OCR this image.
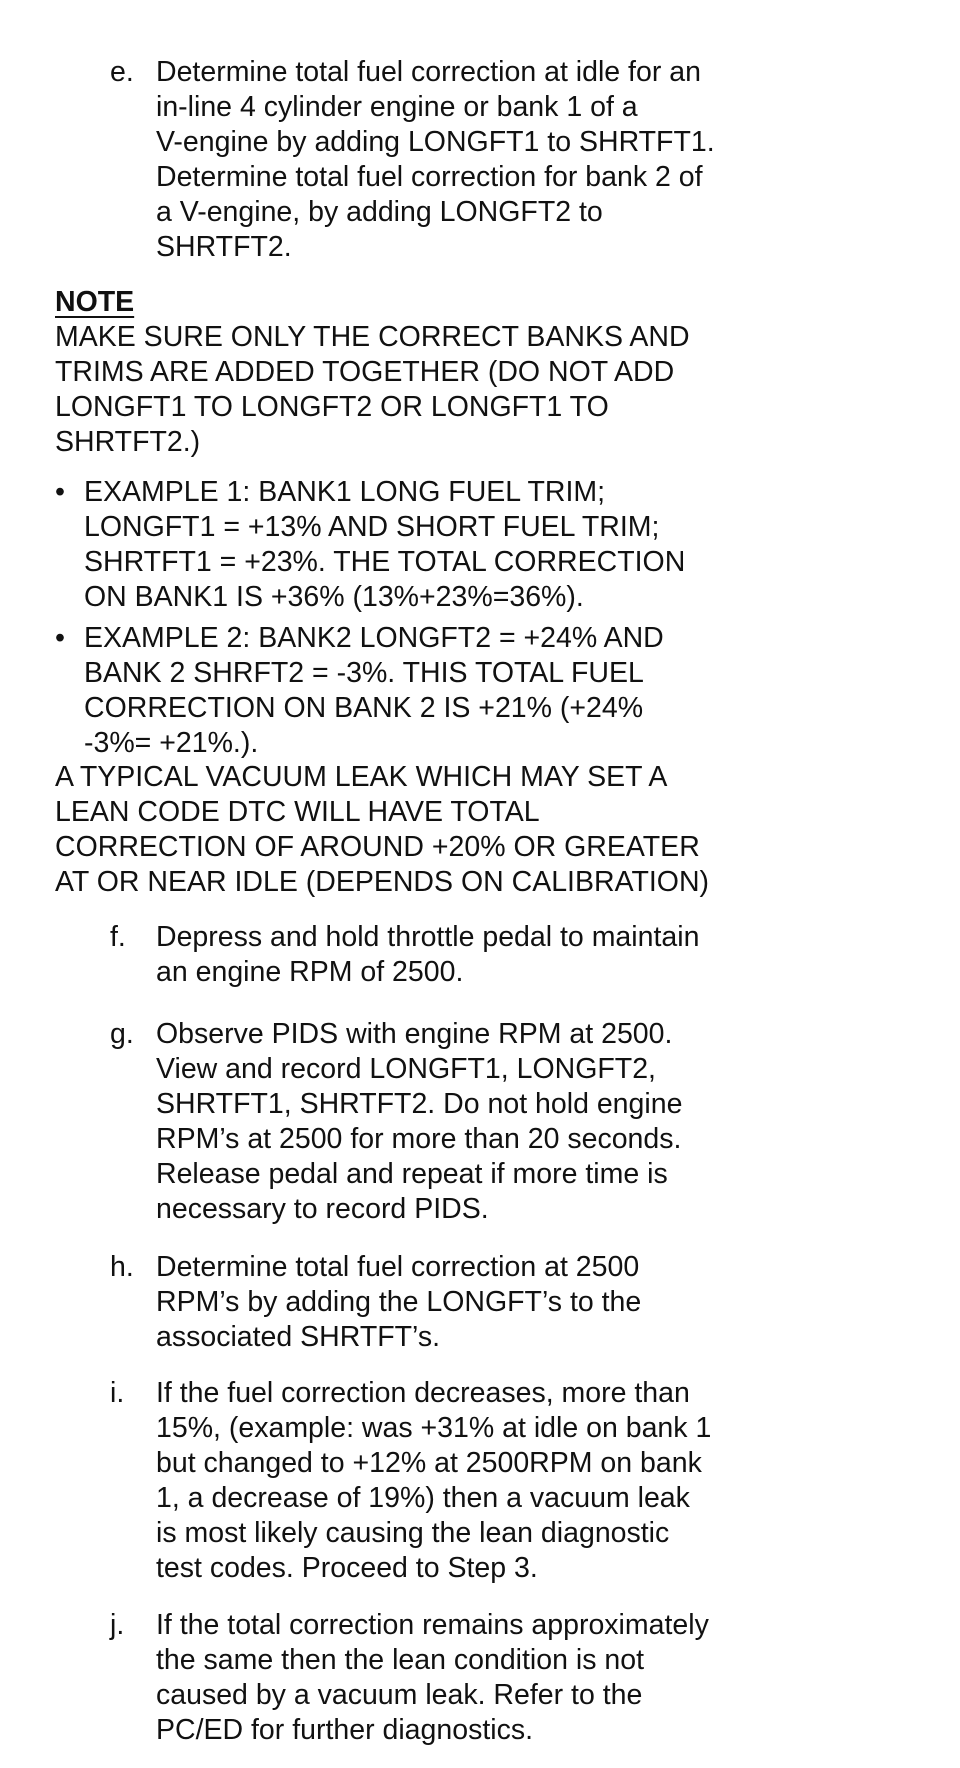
e. Determine total fuel correction at idle for an
in-line 4 cylinder engine or bank 1 of a
V-engine by adding LONGFT1 to SHRTFT1.
Determine total fuel correction for bank 2 of
a V-engine, by adding LONGFT2 to
SHRTFT2.
NOTE
MAKE SURE ONLY THE CORRECT BANKS AND
TRIMS ARE ADDED TOGETHER (DO NOT ADD
LONGFT1 TO LONGFT2 OR LONGFT1 TO
SHRTFT2.)
• EXAMPLE 1: BANK1 LONG FUEL TRIM;
LONGFT1 = +13% AND SHORT FUEL TRIM;
SHRTFT1 = +23%. THE TOTAL CORRECTION
ON BANK1 IS +36% (13%+23%=36%).
• EXAMPLE 2: BANK2 LONGFT2 = +24% AND
BANK 2 SHRFT2 = -3%. THIS TOTAL FUEL
CORRECTION ON BANK 2 IS +21% (+24%
-3%= +21%.).
A TYPICAL VACUUM LEAK WHICH MAY SET A
LEAN CODE DTC WILL HAVE TOTAL
CORRECTION OF AROUND +20% OR GREATER
AT OR NEAR IDLE (DEPENDS ON CALIBRATION)
f.	Depress and hold throttle pedal to maintain
an engine RPM of 2500.
g. Observe PIDS with engine RPM at 2500.
View and record LONGFT1, LONGFT2,
SHRTFT1, SHRTFT2. Do not hold engine
RPM’s at 2500 for more than 20 seconds.
Release pedal and repeat if more time is
necessary to record PIDS.
h. Determine total fuel correction at 2500
RPM’s by adding the LONGFT’s to the
associated SHRTFT’s.
i.	If the fuel correction decreases, more than
15%, (example: was +31% at idle on bank 1
but changed to +12% at 2500RPM on bank
1, a decrease of 19%) then a vacuum leak
is most likely causing the lean diagnostic
test codes. Proceed to Step 3.
j.	If the total correction remains approximately
the same then the lean condition is not
caused by a vacuum leak. Refer to the
PC/ED for further diagnostics.
